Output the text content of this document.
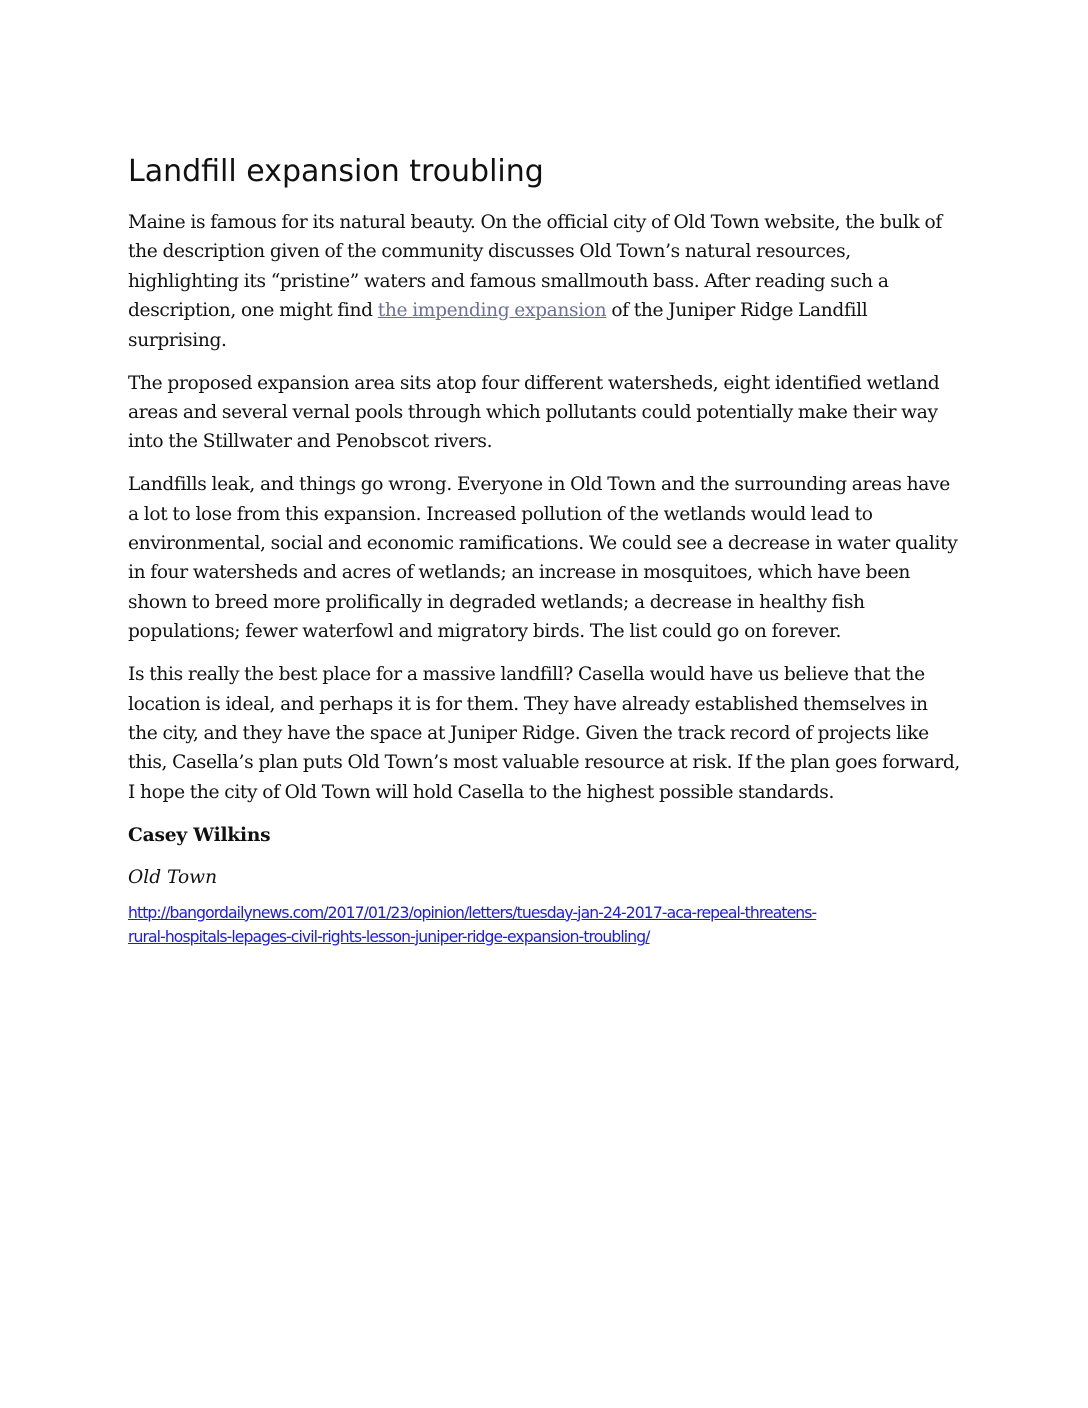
Landfill expansion troubling

Maine is famous for its natural beauty. On the official city of Old Town website, the bulk of the description given of the community discusses Old Town’s natural resources, highlighting its “pristine” waters and famous smallmouth bass. After reading such a description, one might find the impending expansion of the Juniper Ridge Landfill surprising.

The proposed expansion area sits atop four different watersheds, eight identified wetland areas and several vernal pools through which pollutants could potentially make their way into the Stillwater and Penobscot rivers.

Landfills leak, and things go wrong. Everyone in Old Town and the surrounding areas have a lot to lose from this expansion. Increased pollution of the wetlands would lead to environmental, social and economic ramifications. We could see a decrease in water quality in four watersheds and acres of wetlands; an increase in mosquitoes, which have been shown to breed more prolifically in degraded wetlands; a decrease in healthy fish populations; fewer waterfowl and migratory birds. The list could go on forever.

Is this really the best place for a massive landfill? Casella would have us believe that the location is ideal, and perhaps it is for them. They have already established themselves in the city, and they have the space at Juniper Ridge. Given the track record of projects like this, Casella’s plan puts Old Town’s most valuable resource at risk. If the plan goes forward, I hope the city of Old Town will hold Casella to the highest possible standards.

Casey Wilkins

Old Town

http://bangordailynews.com/2017/01/23/opinion/letters/tuesday-jan-24-2017-aca-repeal-threatens-
rural-hospitals-lepages-civil-rights-lesson-juniper-ridge-expansion-troubling/
